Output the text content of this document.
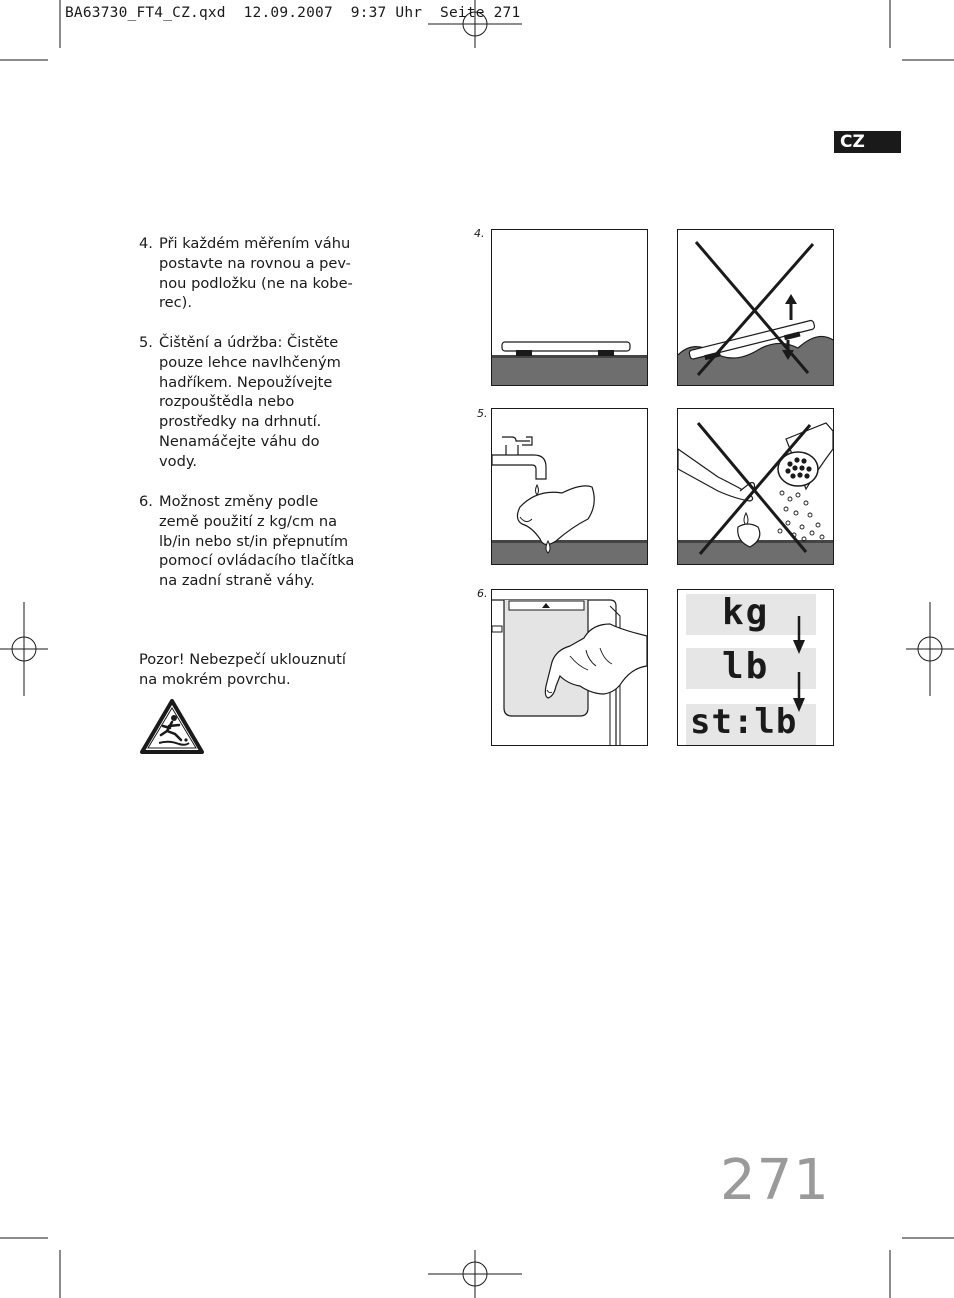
BA63730_FT4_CZ.qxd  12.09.2007  9:37 Uhr  Seite 271
CZ
4. Při každém měřením váhu
postavte na rovnou a pev-
nou podložku (ne na kobe-
rec).
5. Čištění a údržba: Čistěte
pouze lehce navlhčeným
hadříkem. Nepoužívejte
rozpouštědla nebo
prostředky na drhnutí.
Nenamáčejte váhu do
vody.
6. Možnost změny podle
země použití z kg/cm na
lb/in nebo st/in přepnutím
pomocí ovládacího tlačítka
na zadní straně váhy.
Pozor! Nebezpečí uklouznutí
na mokrém povrchu.
4.
5.
6.	kg
lb
st:lb
271
